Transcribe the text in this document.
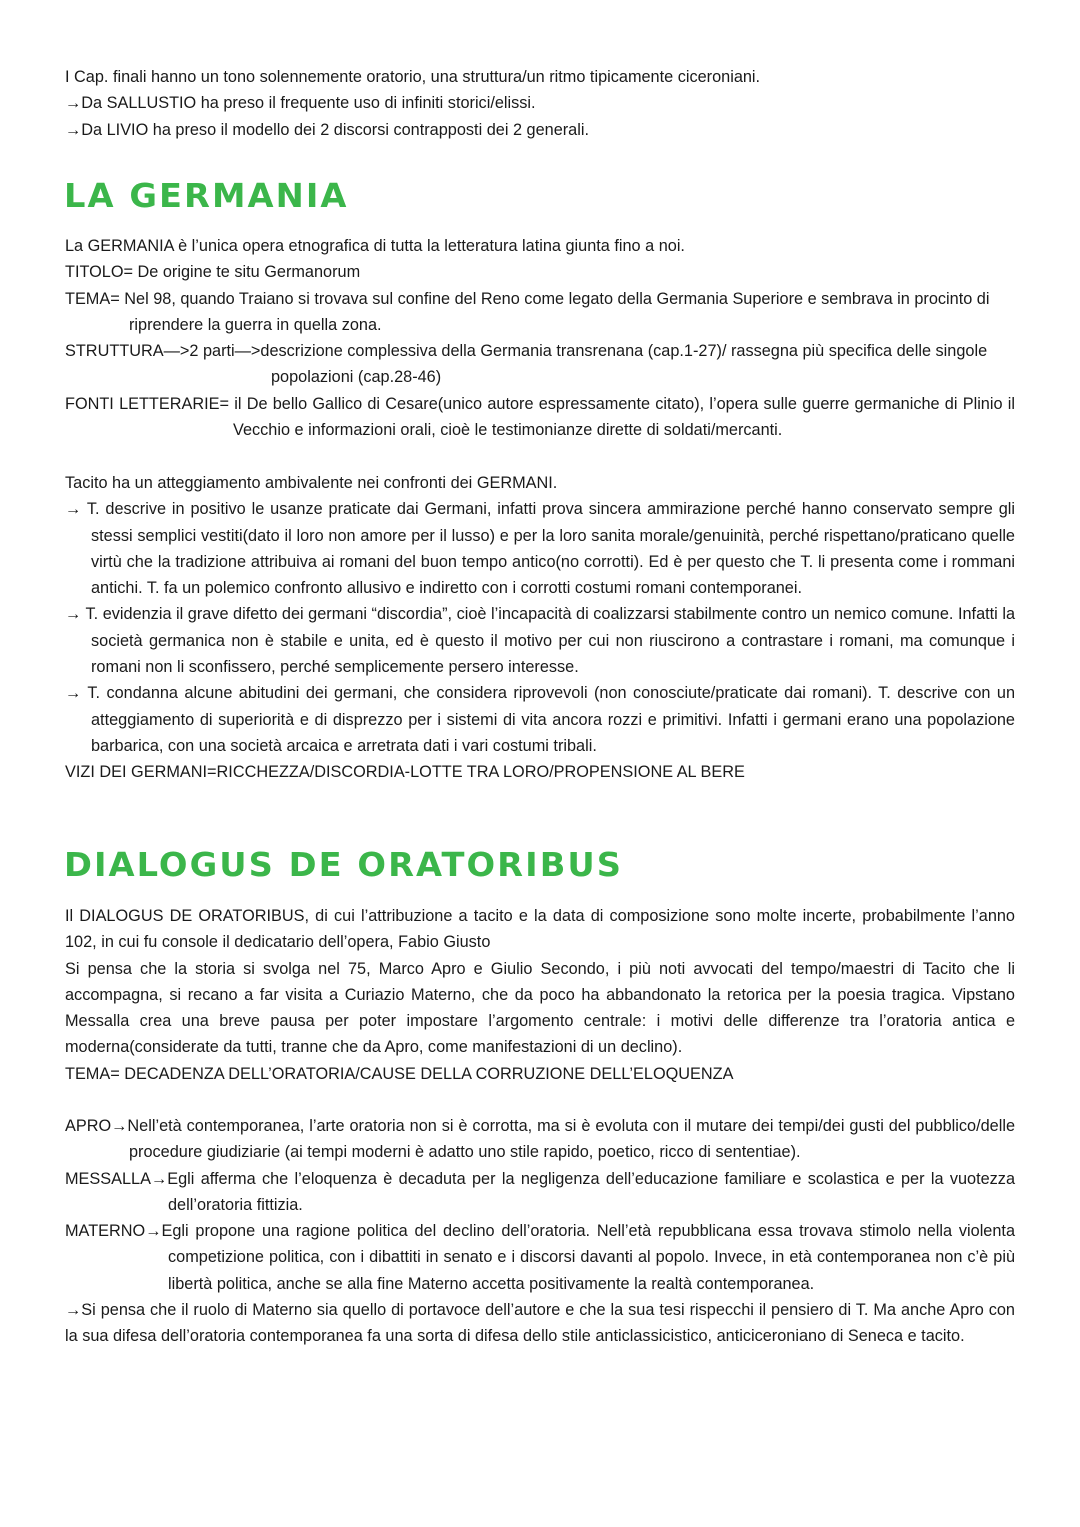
I Cap. finali hanno un tono solennemente oratorio, una struttura/un ritmo tipicamente ciceroniani.

→Da SALLUSTIO ha preso il frequente uso di infiniti storici/elissi.

→Da LIVIO ha preso il modello dei 2 discorsi contrapposti dei 2 generali.

LA GERMANIA

La GERMANIA è l’unica opera etnografica di tutta la letteratura latina giunta fino a noi.

TITOLO= De origine te situ Germanorum

TEMA= Nel 98, quando Traiano si trovava sul confine del Reno come legato della Germania Superiore e sembrava in procinto di riprendere la guerra in quella zona.

STRUTTURA—>2 parti—>descrizione complessiva della Germania transrenana (cap.1-27)/ rassegna più specifica delle singole popolazioni (cap.28-46)

FONTI LETTERARIE= il De bello Gallico di Cesare(unico autore espressamente citato), l’opera sulle guerre germaniche di Plinio il Vecchio e informazioni orali, cioè le testimonianze dirette di soldati/mercanti.

Tacito ha un atteggiamento ambivalente nei confronti dei GERMANI.

→ T. descrive in positivo le usanze praticate dai Germani, infatti prova sincera ammirazione perché hanno conservato sempre gli stessi semplici vestiti(dato il loro non amore per il lusso) e per la loro sanita morale/genuinità, perché rispettano/praticano quelle virtù che la tradizione attribuiva ai romani del buon tempo antico(no corrotti). Ed è per questo che T. li presenta come i rommani antichi. T. fa un polemico confronto allusivo e indiretto con i corrotti costumi romani contemporanei.

→ T. evidenzia il grave difetto dei germani “discordia”, cioè l’incapacità di coalizzarsi stabilmente contro un nemico comune. Infatti la società germanica non è stabile e unita, ed è questo il motivo per cui non riuscirono a contrastare i romani, ma comunque i romani non li sconfissero, perché semplicemente persero interesse.

→ T. condanna alcune abitudini dei germani, che considera riprovevoli (non conosciute/praticate dai romani). T. descrive con un atteggiamento di superiorità e di disprezzo per i sistemi di vita ancora rozzi e primitivi. Infatti i germani erano una popolazione barbarica, con una società arcaica e arretrata dati i vari costumi tribali.

VIZI DEI GERMANI=RICCHEZZA/DISCORDIA-LOTTE TRA LORO/PROPENSIONE AL BERE

DIALOGUS DE ORATORIBUS

Il DIALOGUS DE ORATORIBUS, di cui l’attribuzione a tacito e la data di composizione sono molte incerte, probabilmente l’anno 102, in cui fu console il dedicatario dell’opera, Fabio Giusto

Si pensa che la storia si svolga nel 75, Marco Apro e Giulio Secondo, i più noti avvocati del tempo/maestri di Tacito che li accompagna, si recano a far visita a Curiazio Materno, che da poco ha abbandonato la retorica per la poesia tragica. Vipstano Messalla crea una breve pausa per poter impostare l’argomento centrale: i motivi delle differenze tra l’oratoria antica e moderna(considerate da tutti, tranne che da Apro, come manifestazioni di un declino).

TEMA= DECADENZA DELL’ORATORIA/CAUSE DELLA CORRUZIONE DELL’ELOQUENZA

APRO→Nell’età contemporanea, l’arte oratoria non si è corrotta, ma si è evoluta con il mutare dei tempi/dei gusti del pubblico/delle procedure giudiziarie (ai tempi moderni è adatto uno stile rapido, poetico, ricco di sententiae).

MESSALLA→Egli afferma che l’eloquenza è decaduta per la negligenza dell’educazione familiare e scolastica e per la vuotezza dell’oratoria fittizia.

MATERNO→Egli propone una ragione politica del declino dell’oratoria. Nell’età repubblicana essa trovava stimolo nella violenta competizione politica, con i dibattiti in senato e i discorsi davanti al popolo. Invece, in età contemporanea non c’è più libertà politica, anche se alla fine Materno accetta positivamente la realtà contemporanea.

→Si pensa che il ruolo di Materno sia quello di portavoce dell’autore e che la sua tesi rispecchi il pensiero di T. Ma anche Apro con la sua difesa dell’oratoria contemporanea fa una sorta di difesa dello stile anticlassicistico, anticiceroniano di Seneca e tacito.
